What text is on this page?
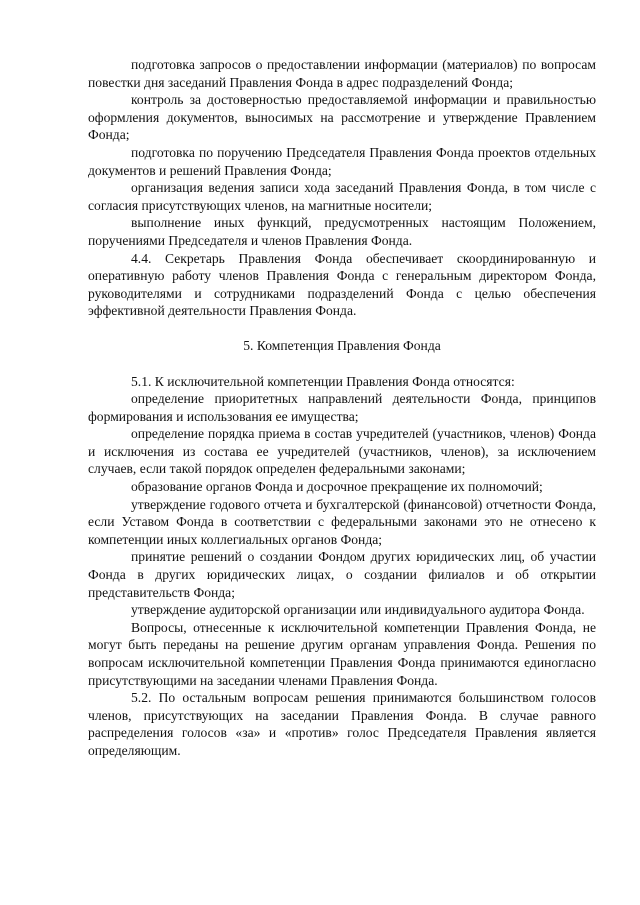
подготовка запросов о предоставлении информации (материалов) по вопросам повестки дня заседаний Правления Фонда в адрес подразделений Фонда;

контроль за достоверностью предоставляемой информации и правильностью оформления документов, выносимых на рассмотрение и утверждение Правлением Фонда;

подготовка по поручению Председателя Правления Фонда проектов отдельных документов и решений Правления Фонда;

организация ведения записи хода заседаний Правления Фонда, в том числе с согласия присутствующих членов, на магнитные носители;

выполнение иных функций, предусмотренных настоящим Положением, поручениями Председателя и членов Правления Фонда.

4.4. Секретарь Правления Фонда обеспечивает скоординированную и оперативную работу членов Правления Фонда с генеральным директором Фонда, руководителями и сотрудниками подразделений Фонда с целью обеспечения эффективной деятельности Правления Фонда.

5. Компетенция Правления Фонда

5.1. К исключительной компетенции Правления Фонда относятся:

определение приоритетных направлений деятельности Фонда, принципов формирования и использования ее имущества;

определение порядка приема в состав учредителей (участников, членов) Фонда и исключения из состава ее учредителей (участников, членов), за исключением случаев, если такой порядок определен федеральными законами;

образование органов Фонда и досрочное прекращение их полномочий;

утверждение годового отчета и бухгалтерской (финансовой) отчетности Фонда, если Уставом Фонда в соответствии с федеральными законами это не отнесено к компетенции иных коллегиальных органов Фонда;

принятие решений о создании Фондом других юридических лиц, об участии Фонда в других юридических лицах, о создании филиалов и об открытии представительств Фонда;

утверждение аудиторской организации или индивидуального аудитора Фонда.

Вопросы, отнесенные к исключительной компетенции Правления Фонда, не могут быть переданы на решение другим органам управления Фонда. Решения по вопросам исключительной компетенции Правления Фонда принимаются единогласно присутствующими на заседании членами Правления Фонда.

5.2. По остальным вопросам решения принимаются большинством голосов членов, присутствующих на заседании Правления Фонда. В случае равного распределения голосов «за» и «против» голос Председателя Правления является определяющим.
